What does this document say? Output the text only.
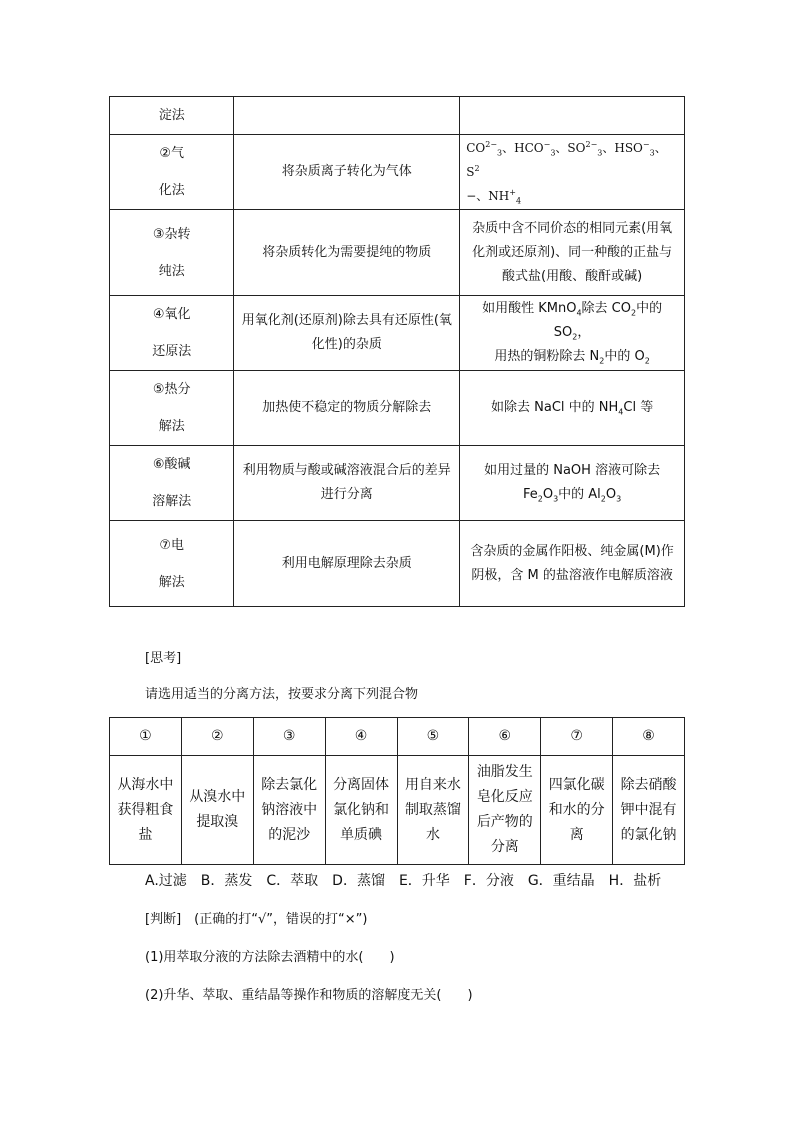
淀法		

②气
化法	将杂质离子转化为气体	$CO^{2-}_3$、$HCO^-_3$、$SO^{2-}_3$、$HSO^-_3$、$S^2$
−、$NH^+_4$

③杂转
纯法	将杂质转化为需要提纯的物质	杂质中含不同价态的相同元素(用氧化剂或还原剂)、同一种酸的正盐与酸式盐(用酸、酸酐或碱)

④氧化
还原法	用氧化剂(还原剂)除去具有还原性(氧化性)的杂质	如用酸性 KMnO$_4$除去 $CO_2$中的 $SO_2$，
用热的铜粉除去 $N_2$中的 $O_2$

⑤热分
解法	加热使不稳定的物质分解除去	如除去 NaCl 中的 $NH_4Cl$ 等

⑥酸碱
溶解法	利用物质与酸或碱溶液混合后的差异进行分离	如用过量的 NaOH 溶液可除去
$Fe_2O_3$中的 $Al_2O_3$

⑦电
解法	利用电解原理除去杂质	含杂质的金属作阳极、纯金属(M)作阴极，含 M 的盐溶液作电解质溶液
[思考]
请选用适当的分离方法，按要求分离下列混合物
①	②	③	④	⑤	⑥	⑦	⑧
从海水中获得粗食盐	从溴水中提取溴	除去氯化钠溶液中的泥沙	分离固体氯化钠和单质碘	用自来水制取蒸馏水	油脂发生皂化反应后产物的分离	四氯化碳和水的分离	除去硝酸钾中混有的氯化钠
A.过滤　B．蒸发　C．萃取　D．蒸馏　E．升华　F．分液　G．重结晶　H．盐析
[判断]　(正确的打“√”，错误的打“×”)
(1)用萃取分液的方法除去酒精中的水(　　)
(2)升华、萃取、重结晶等操作和物质的溶解度无关(　　)
